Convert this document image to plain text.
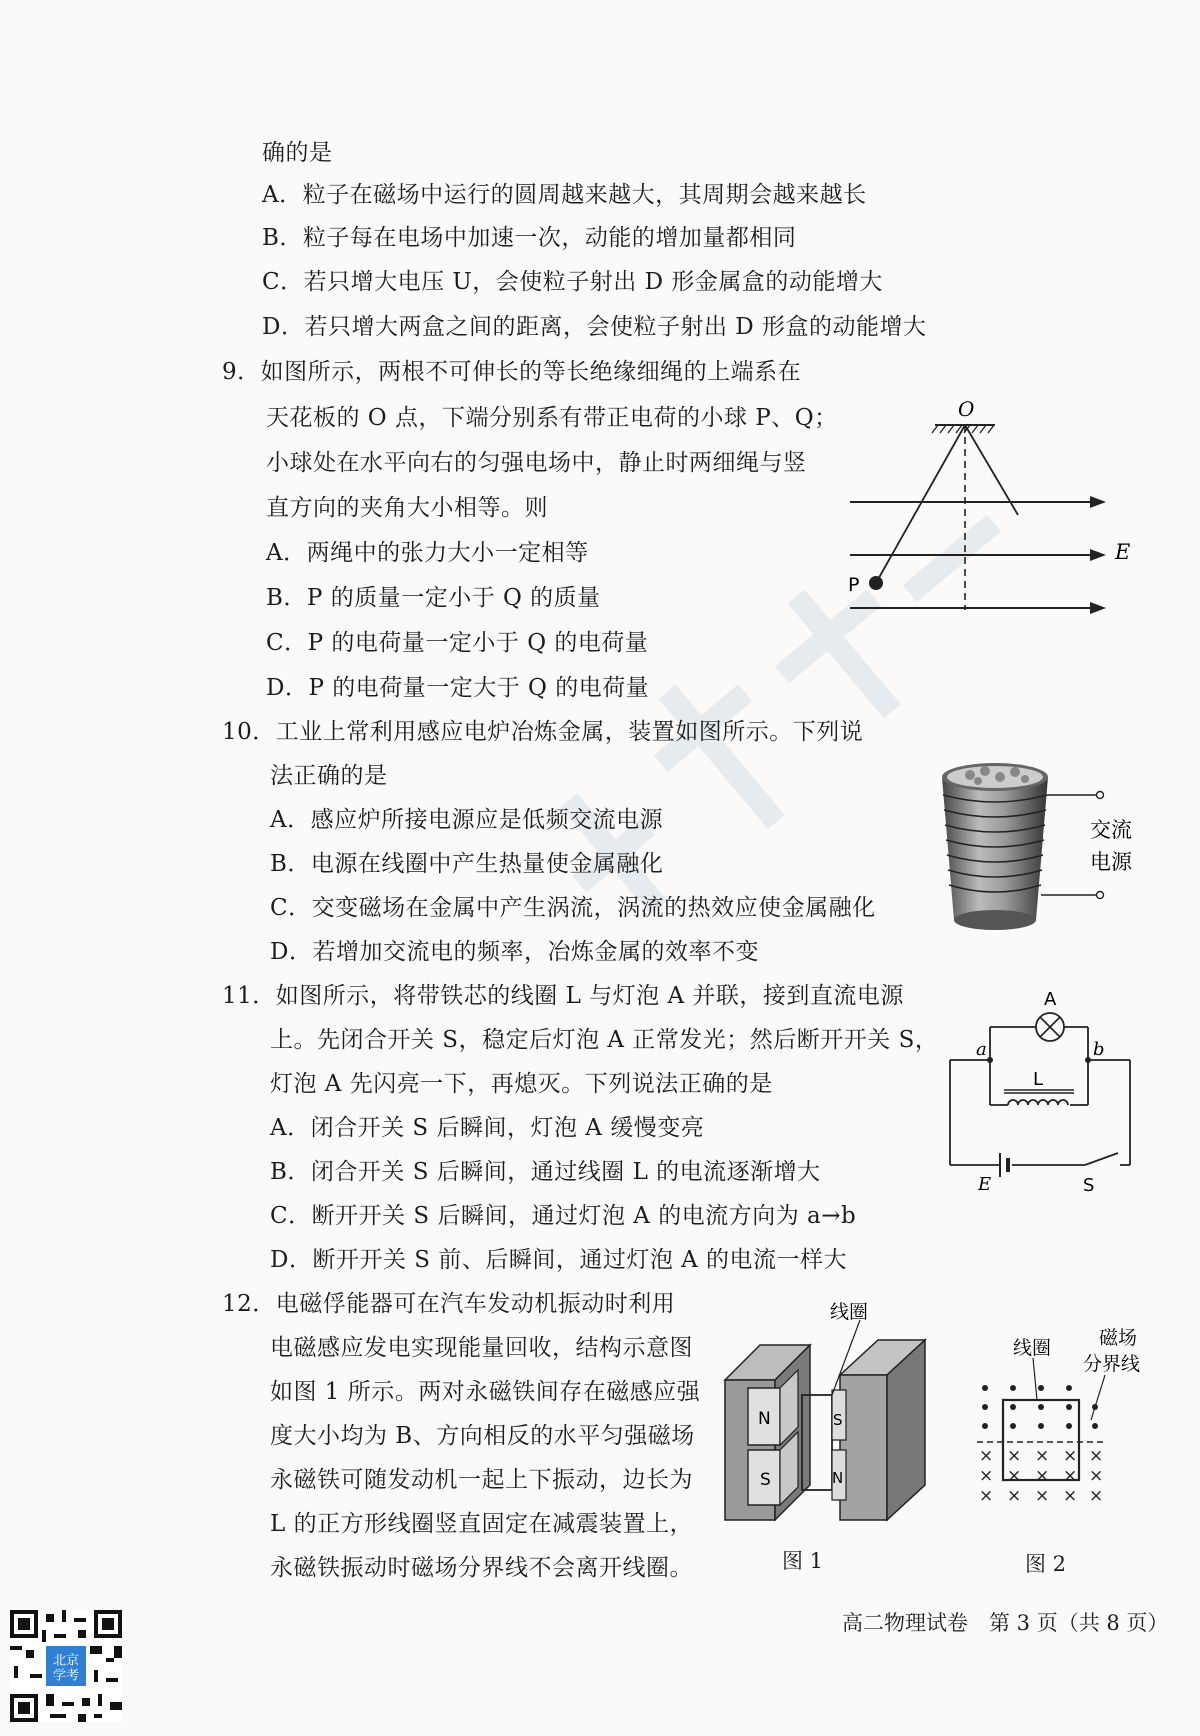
确的是
A．粒子在磁场中运行的圆周越来越大，其周期会越来越长
B．粒子每在电场中加速一次，动能的增加量都相同
C．若只增大电压 U，会使粒子射出 D 形金属盒的动能增大
D．若只增大两盒之间的距离，会使粒子射出 D 形盒的动能增大
9．如图所示，两根不可伸长的等长绝缘细绳的上端系在
天花板的 O 点，下端分别系有带正电荷的小球 P、Q；
小球处在水平向右的匀强电场中，静止时两细绳与竖
直方向的夹角大小相等。则
A．两绳中的张力大小一定相等
B．P 的质量一定小于 Q 的质量
C．P 的电荷量一定小于 Q 的电荷量
D．P 的电荷量一定大于 Q 的电荷量
O
E
P
10．工业上常利用感应电炉冶炼金属，装置如图所示。下列说
法正确的是
A．感应炉所接电源应是低频交流电源
B．电源在线圈中产生热量使金属融化
C．交变磁场在金属中产生涡流，涡流的热效应使金属融化
D．若增加交流电的频率，冶炼金属的效率不变
交流
电源
11．如图所示，将带铁芯的线圈 L 与灯泡 A 并联，接到直流电源
上。先闭合开关 S，稳定后灯泡 A 正常发光；然后断开开关 S，
灯泡 A 先闪亮一下，再熄灭。下列说法正确的是
A．闭合开关 S 后瞬间，灯泡 A 缓慢变亮
B．闭合开关 S 后瞬间，通过线圈 L 的电流逐渐增大
C．断开开关 S 后瞬间，通过灯泡 A 的电流方向为 a→b
D．断开开关 S 前、后瞬间，通过灯泡 A 的电流一样大
A
a	b
L
E	S
12．电磁俘能器可在汽车发动机振动时利用
电磁感应发电实现能量回收，结构示意图
如图 1 所示。两对永磁铁间存在磁感应强
度大小均为 B、方向相反的水平匀强磁场
永磁铁可随发动机一起上下振动，边长为
L 的正方形线圈竖直固定在减震装置上，
永磁铁振动时磁场分界线不会离开线圈。
N
S
S
N
线圈
图 1
线圈	磁场
分界线
× × × × ×
× × × × ×
× × × × ×
图 2
高二物理试卷　第 3 页（共 8 页）
北京
学考
